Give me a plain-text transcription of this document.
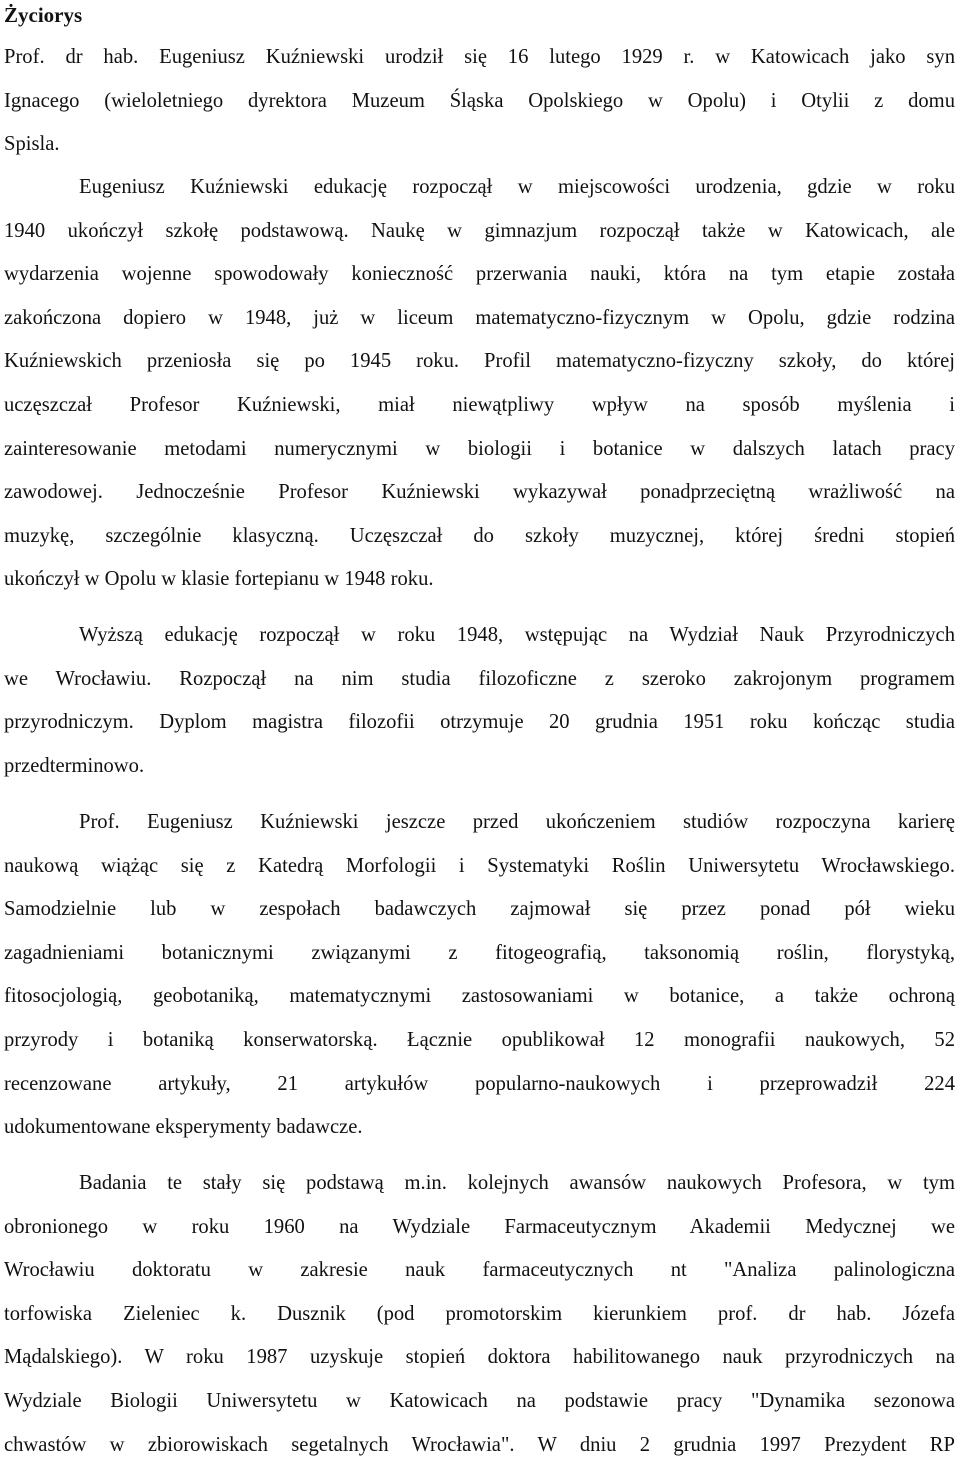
Życiorys
Prof. dr hab. Eugeniusz Kuźniewski urodził się 16 lutego 1929 r. w Katowicach jako syn
Ignacego (wieloletniego dyrektora Muzeum Śląska Opolskiego w Opolu) i Otylii z domu
Spisla.
Eugeniusz Kuźniewski edukację rozpoczął w miejscowości urodzenia, gdzie w roku
1940 ukończył szkołę podstawową. Naukę w gimnazjum rozpoczął także w Katowicach, ale
wydarzenia wojenne spowodowały konieczność przerwania nauki, która na tym etapie została
zakończona dopiero w 1948, już w liceum matematyczno-fizycznym w Opolu, gdzie rodzina
Kuźniewskich przeniosła się po 1945 roku. Profil matematyczno-fizyczny szkoły, do której
uczęszczał Profesor Kuźniewski, miał niewątpliwy wpływ na sposób myślenia i
zainteresowanie metodami numerycznymi w biologii i botanice w dalszych latach pracy
zawodowej. Jednocześnie Profesor Kuźniewski wykazywał ponadprzeciętną wrażliwość na
muzykę, szczególnie klasyczną. Uczęszczał do szkoły muzycznej, której średni stopień
ukończył w Opolu w klasie fortepianu w 1948 roku.
Wyższą edukację rozpoczął w roku 1948, wstępując na Wydział Nauk Przyrodniczych
we Wrocławiu. Rozpoczął na nim studia filozoficzne z szeroko zakrojonym programem
przyrodniczym. Dyplom magistra filozofii otrzymuje 20 grudnia 1951 roku kończąc studia
przedterminowo.
Prof. Eugeniusz Kuźniewski jeszcze przed ukończeniem studiów rozpoczyna karierę
naukową wiążąc się z Katedrą Morfologii i Systematyki Roślin Uniwersytetu Wrocławskiego.
Samodzielnie lub w zespołach badawczych zajmował się przez ponad pół wieku
zagadnieniami botanicznymi związanymi z fitogeografią, taksonomią roślin, florystyką,
fitosocjologią, geobotaniką, matematycznymi zastosowaniami w botanice, a także ochroną
przyrody i botaniką konserwatorską. Łącznie opublikował 12 monografii naukowych, 52
recenzowane artykuły, 21 artykułów popularno-naukowych i przeprowadził 224
udokumentowane eksperymenty badawcze.
Badania te stały się podstawą m.in. kolejnych awansów naukowych Profesora, w tym
obronionego w roku 1960 na Wydziale Farmaceutycznym Akademii Medycznej we
Wrocławiu doktoratu w zakresie nauk farmaceutycznych nt "Analiza palinologiczna
torfowiska Zieleniec k. Dusznik (pod promotorskim kierunkiem prof. dr hab. Józefa
Mądalskiego). W roku 1987 uzyskuje stopień doktora habilitowanego nauk przyrodniczych na
Wydziale Biologii Uniwersytetu w Katowicach na podstawie pracy "Dynamika sezonowa
chwastów w zbiorowiskach segetalnych Wrocławia". W dniu 2 grudnia 1997 Prezydent RP
